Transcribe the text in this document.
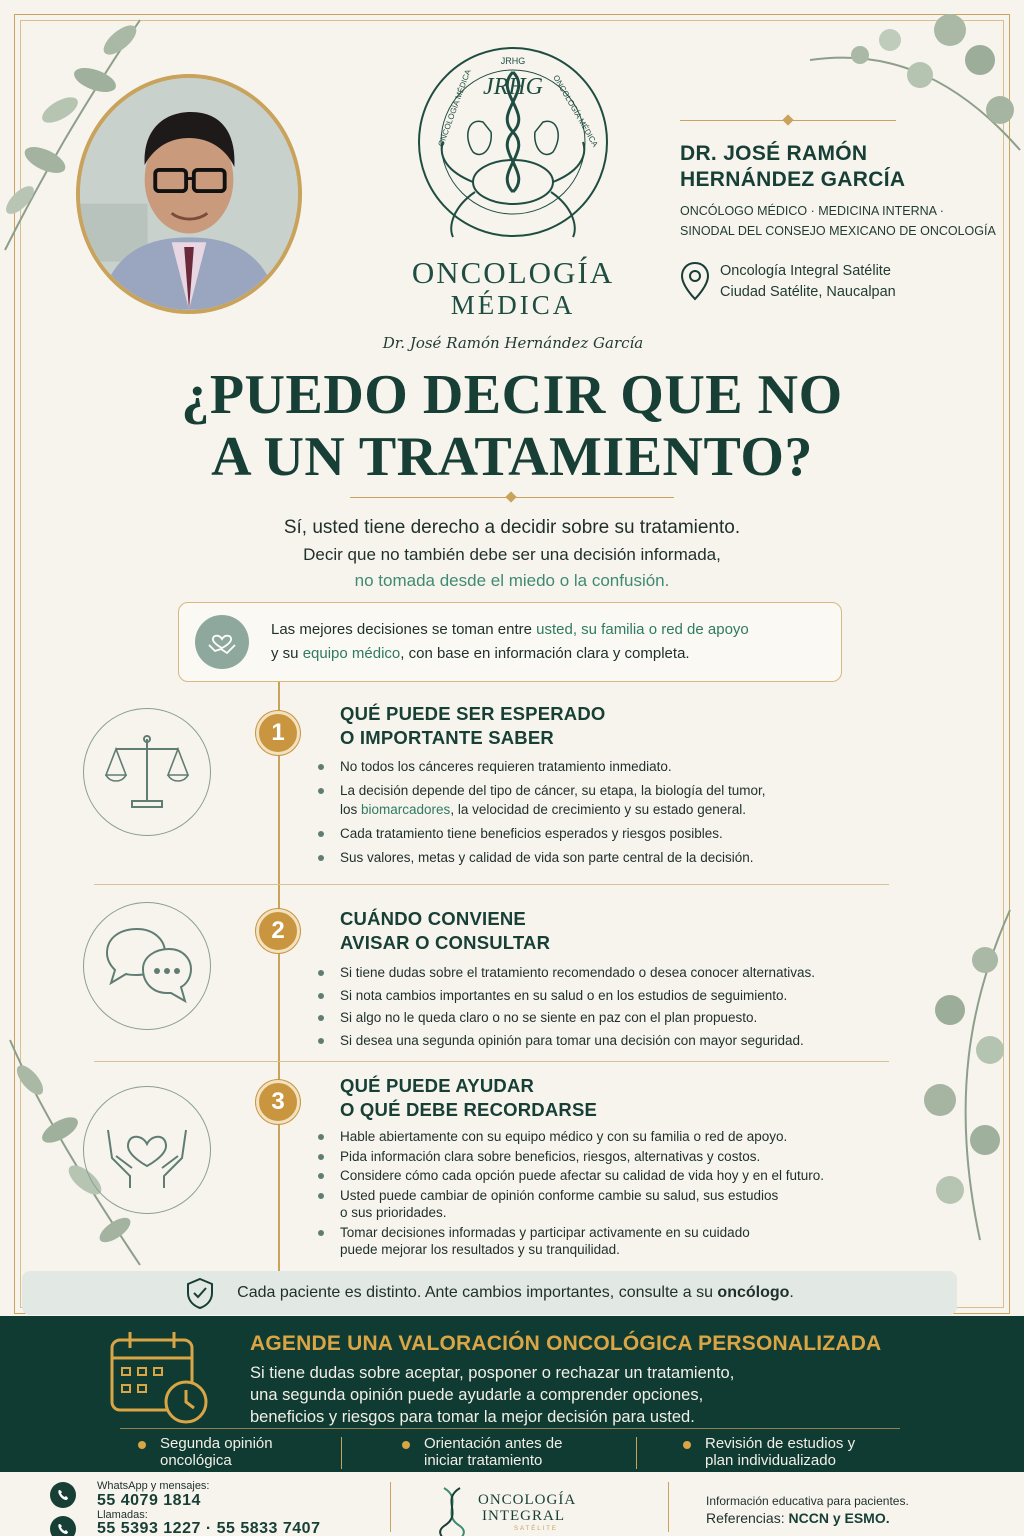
JRHG
JRHG
ONCOLOGÍA MÉDICA	ONCOLOGÍA MÉDICA
ONCOLOGÍA
MÉDICA
Dr. José Ramón Hernández García
DR. JOSÉ RAMÓN
HERNÁNDEZ GARCÍA
ONCÓLOGO MÉDICO · MEDICINA INTERNA ·
SINODAL DEL CONSEJO MEXICANO DE ONCOLOGÍA
Oncología Integral Satélite
Ciudad Satélite, Naucalpan
¿PUEDO DECIR QUE NO
A UN TRATAMIENTO?
Sí, usted tiene derecho a decidir sobre su tratamiento.
Decir que no también debe ser una decisión informada,
no tomada desde el miedo o la confusión.
Las mejores decisiones se toman entre usted, su familia o red de apoyo
y su equipo médico, con base en información clara y completa.
1
QUÉ PUEDE SER ESPERADO
O IMPORTANTE SABER
No todos los cánceres requieren tratamiento inmediato.
La decisión depende del tipo de cáncer, su etapa, la biología del tumor,
los biomarcadores, la velocidad de crecimiento y su estado general.
Cada tratamiento tiene beneficios esperados y riesgos posibles.
Sus valores, metas y calidad de vida son parte central de la decisión.
2	CUÁNDO CONVIENE
AVISAR O CONSULTAR
Si tiene dudas sobre el tratamiento recomendado o desea conocer alternativas.
Si nota cambios importantes en su salud o en los estudios de seguimiento.
Si algo no le queda claro o no se siente en paz con el plan propuesto.
Si desea una segunda opinión para tomar una decisión con mayor seguridad.
3
QUÉ PUEDE AYUDAR
O QUÉ DEBE RECORDARSE
Hable abiertamente con su equipo médico y con su familia o red de apoyo.
Pida información clara sobre beneficios, riesgos, alternativas y costos.
Considere cómo cada opción puede afectar su calidad de vida hoy y en el futuro.
Usted puede cambiar de opinión conforme cambie su salud, sus estudios
o sus prioridades.
Tomar decisiones informadas y participar activamente en su cuidado
puede mejorar los resultados y su tranquilidad.
Cada paciente es distinto. Ante cambios importantes, consulte a su oncólogo.
AGENDE UNA VALORACIÓN ONCOLÓGICA PERSONALIZADA
Si tiene dudas sobre aceptar, posponer o rechazar un tratamiento,
una segunda opinión puede ayudarle a comprender opciones,
beneficios y riesgos para tomar la mejor decisión para usted.
Segunda opinión
oncológica
Orientación antes de
iniciar tratamiento
Revisión de estudios y
plan individualizado
WhatsApp y mensajes:
55 4079 1814
Llamadas:
55 5393 1227 · 55 5833 7407
ONCOLOGÍA
INTEGRAL
SATÉLITE
Información educativa para pacientes.
Referencias: NCCN y ESMO.
